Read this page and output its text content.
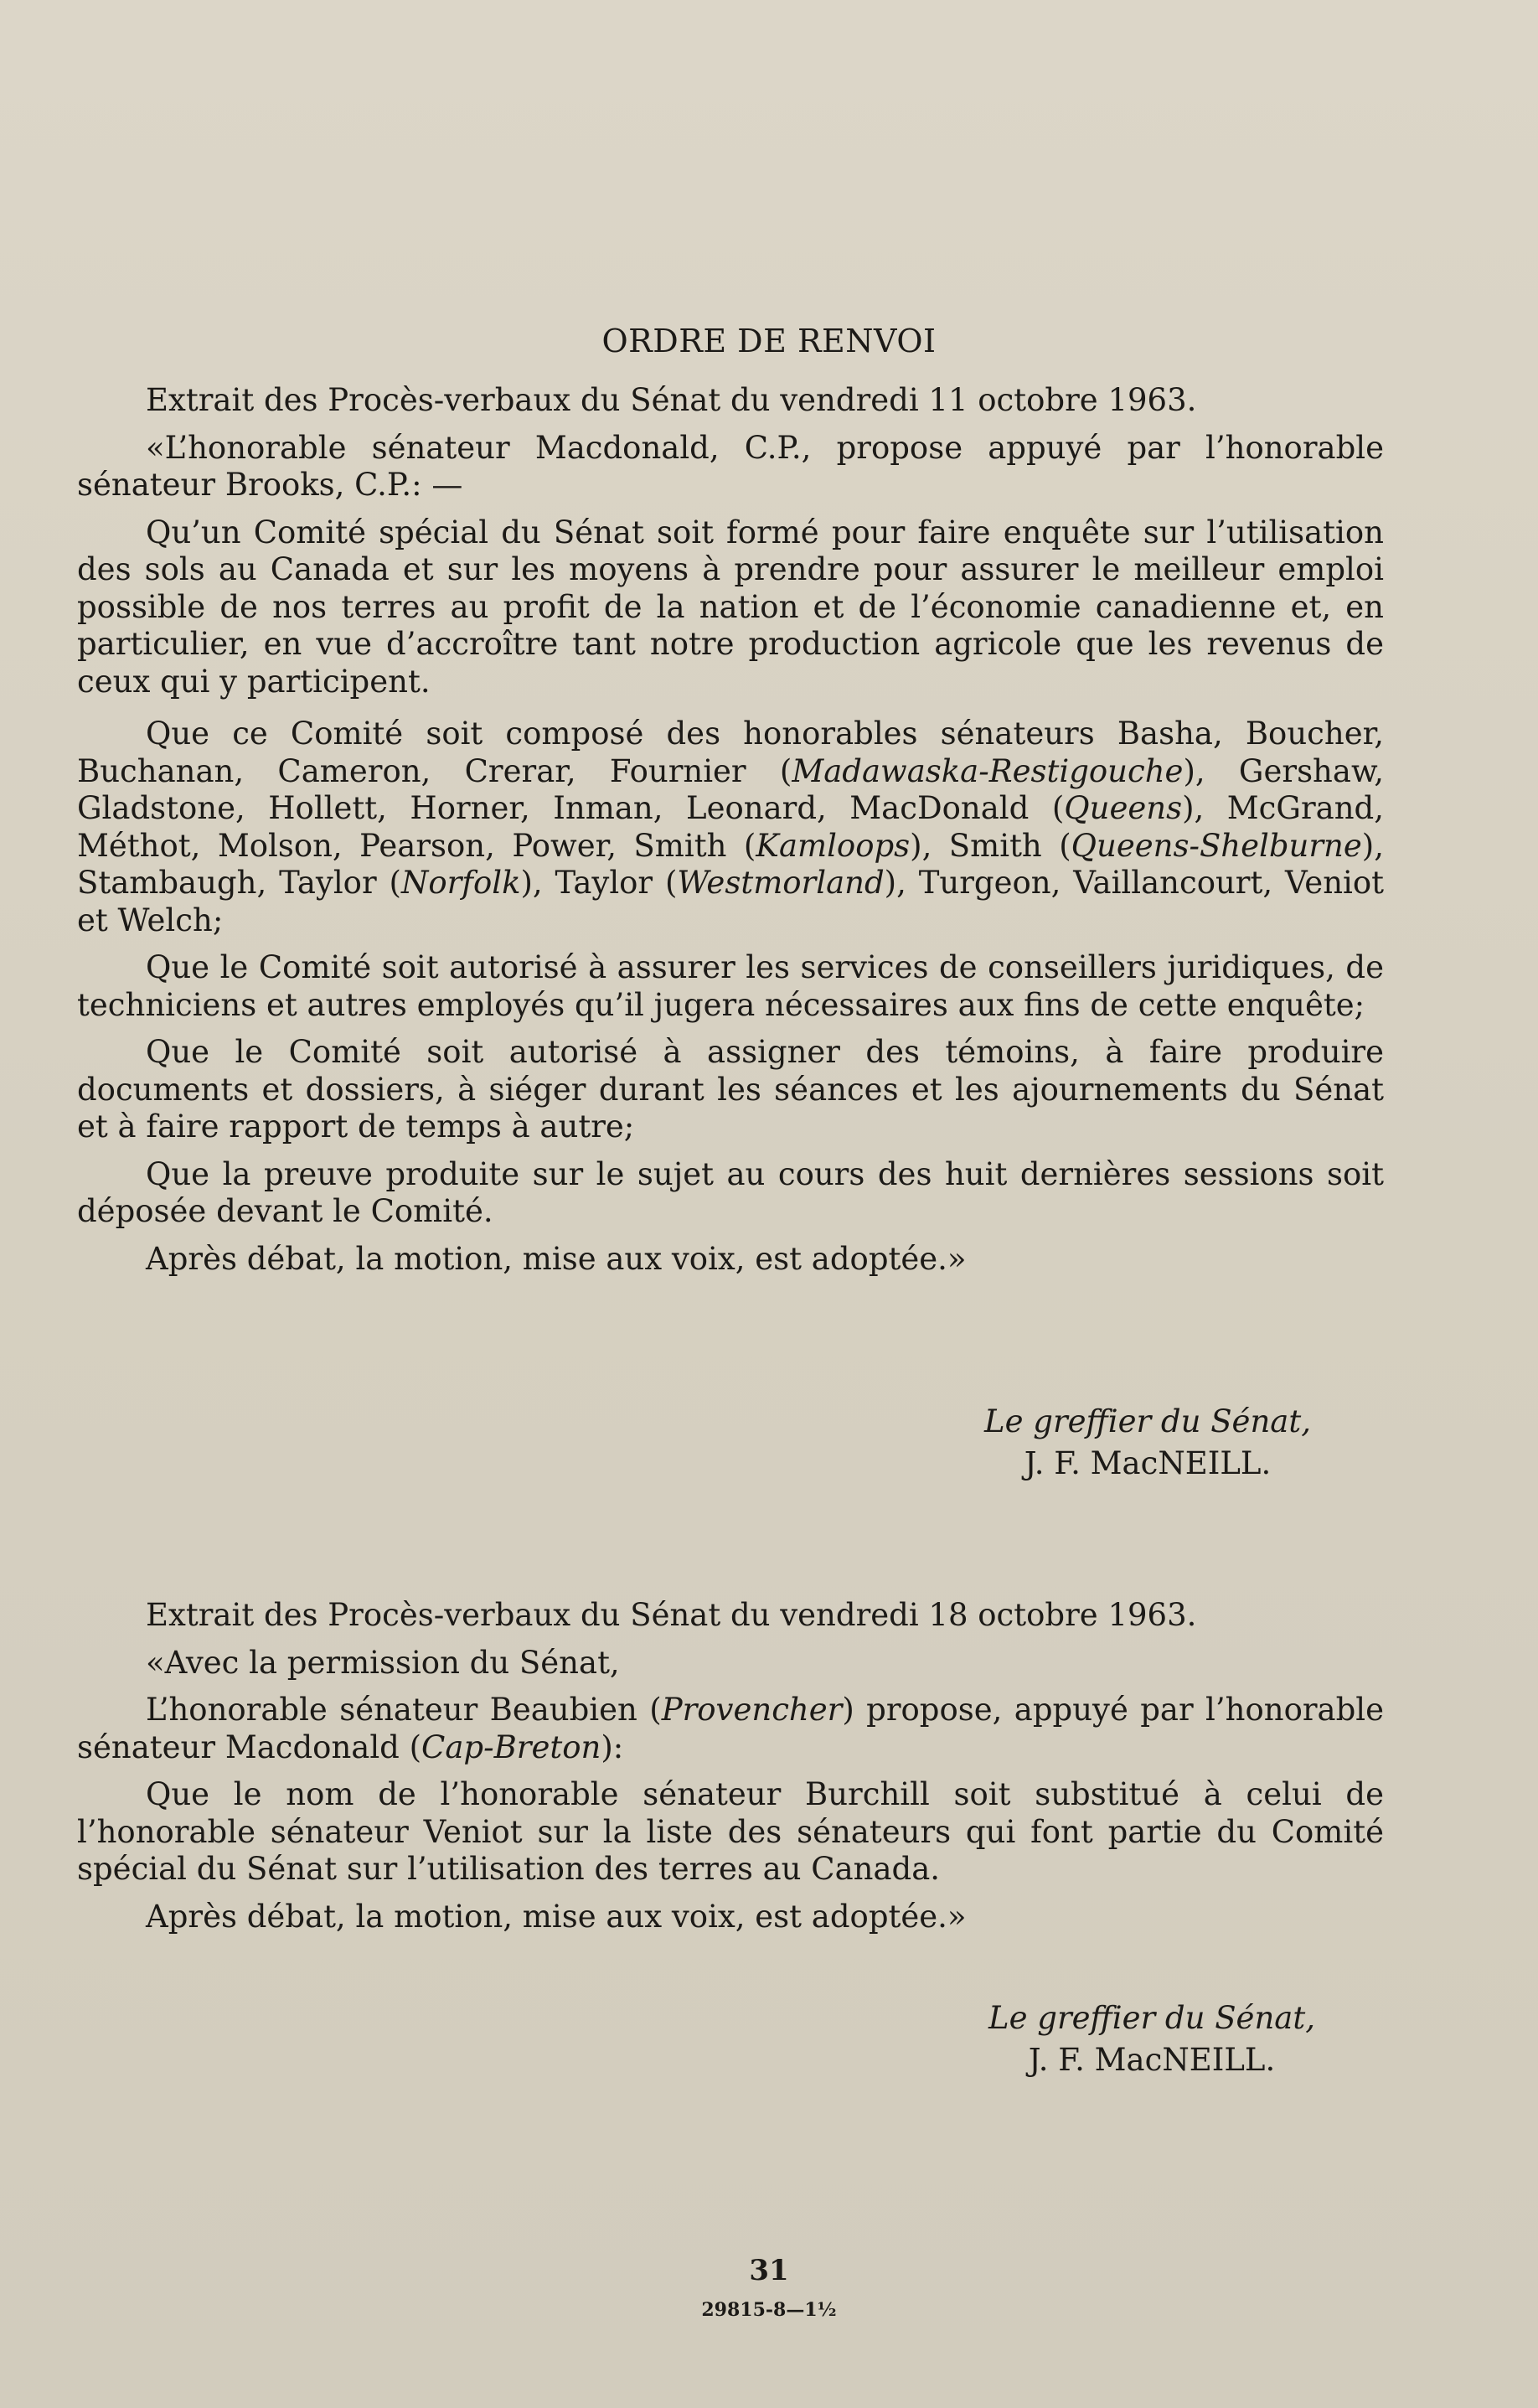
ORDRE DE RENVOI

Extrait des Procès-verbaux du Sénat du vendredi 11 octobre 1963.

«L’honorable sénateur Macdonald, C.P., propose appuyé par l’honorable sénateur Brooks, C.P.: —

Qu’un Comité spécial du Sénat soit formé pour faire enquête sur l’utilisation des sols au Canada et sur les moyens à prendre pour assurer le meilleur emploi possible de nos terres au profit de la nation et de l’économie canadienne et, en particulier, en vue d’accroître tant notre production agricole que les revenus de ceux qui y participent.

Que ce Comité soit composé des honorables sénateurs Basha, Boucher, Buchanan, Cameron, Crerar, Fournier (Madawaska-Restigouche), Gershaw, Gladstone, Hollett, Horner, Inman, Leonard, MacDonald (Queens), McGrand, Méthot, Molson, Pearson, Power, Smith (Kamloops), Smith (Queens-Shelburne), Stambaugh, Taylor (Norfolk), Taylor (Westmorland), Turgeon, Vaillancourt, Veniot et Welch;

Que le Comité soit autorisé à assurer les services de conseillers juridiques, de techniciens et autres employés qu’il jugera nécessaires aux fins de cette enquête;

Que le Comité soit autorisé à assigner des témoins, à faire produire documents et dossiers, à siéger durant les séances et les ajournements du Sénat et à faire rapport de temps à autre;

Que la preuve produite sur le sujet au cours des huit dernières sessions soit déposée devant le Comité.

Après débat, la motion, mise aux voix, est adoptée.»

Le greffier du Sénat,
J. F. MacNEILL.

Extrait des Procès-verbaux du Sénat du vendredi 18 octobre 1963.

«Avec la permission du Sénat,

L’honorable sénateur Beaubien (Provencher) propose, appuyé par l’honorable sénateur Macdonald (Cap-Breton):

Que le nom de l’honorable sénateur Burchill soit substitué à celui de l’honorable sénateur Veniot sur la liste des sénateurs qui font partie du Comité spécial du Sénat sur l’utilisation des terres au Canada.

Après débat, la motion, mise aux voix, est adoptée.»

Le greffier du Sénat,
J. F. MacNEILL.
31
29815-8—1½
